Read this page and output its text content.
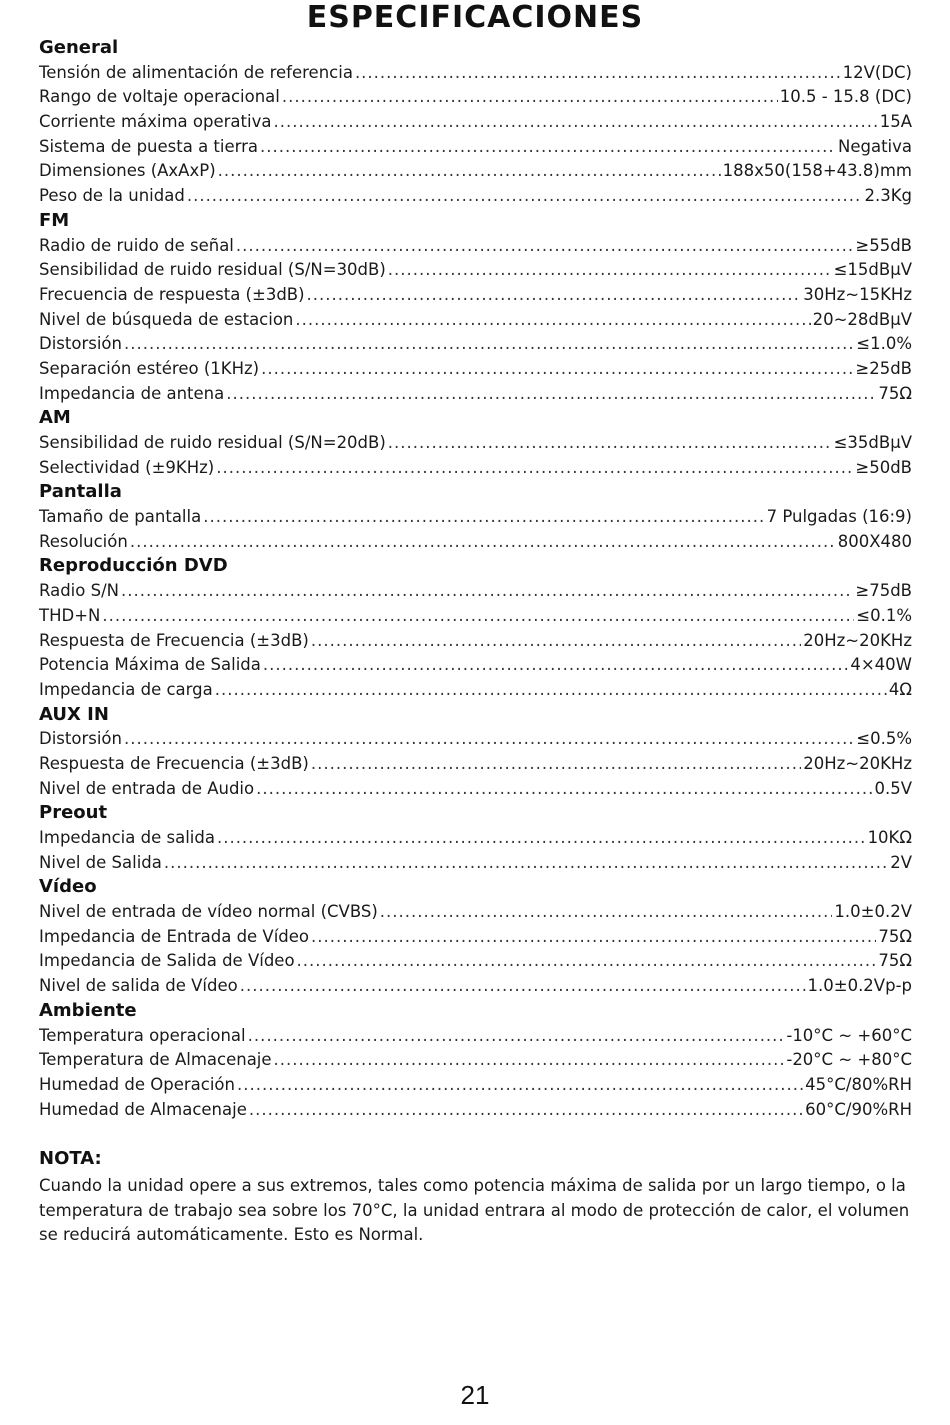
ESPECIFICACIONES
General
Tensión de alimentación de referencia .....	12V(DC)
Rango de voltaje operacional .....	10.5 - 15.8 (DC)
Corriente máxima operativa .....	15A
Sistema de puesta a tierra .....	Negativa
Dimensiones (AxAxP) .....	188x50(158+43.8)mm
Peso de la unidad .....	2.3Kg
FM
Radio de ruido de señal .....	≥55dB
Sensibilidad de ruido residual (S/N=30dB) .....	≤15dBμV
Frecuencia de respuesta (±3dB) .....	30Hz~15KHz
Nivel de búsqueda de estacion .....	20~28dBμV
Distorsión .....	≤1.0%
Separación estéreo (1KHz) .....	≥25dB
Impedancia de antena .....	75Ω
AM
Sensibilidad de ruido residual (S/N=20dB) .....	≤35dBμV
Selectividad (±9KHz) .....	≥50dB
Pantalla
Tamaño de pantalla .....	7 Pulgadas (16:9)
Resolución .....	800X480
Reproducción DVD
Radio S/N .....	≥75dB
THD+N .....	≤0.1%
Respuesta de Frecuencia (±3dB) .....	20Hz~20KHz
Potencia Máxima de Salida .....	4×40W
Impedancia de carga .....	4Ω
AUX IN
Distorsión .....	≤0.5%
Respuesta de Frecuencia (±3dB) .....	20Hz~20KHz
Nivel de entrada de Audio .....	0.5V
Preout
Impedancia de salida .....	10KΩ
Nivel de Salida .....	2V
Vídeo
Nivel de entrada de vídeo normal (CVBS) .....	1.0±0.2V
Impedancia de Entrada de Vídeo .....	75Ω
Impedancia de Salida de Vídeo .....	75Ω
Nivel de salida de Vídeo .....	1.0±0.2Vp-p
Ambiente
Temperatura operacional .....	-10°C ~ +60°C
Temperatura de Almacenaje .....	-20°C ~ +80°C
Humedad de Operación .....	45°C/80%RH
Humedad de Almacenaje .....	60°C/90%RH
NOTA:
Cuando la unidad opere a sus extremos, tales como potencia máxima de salida por un largo tiempo, o la temperatura de trabajo sea sobre los 70°C, la unidad entrara al modo de protección de calor, el volumen se reducirá automáticamente. Esto es Normal.
21
